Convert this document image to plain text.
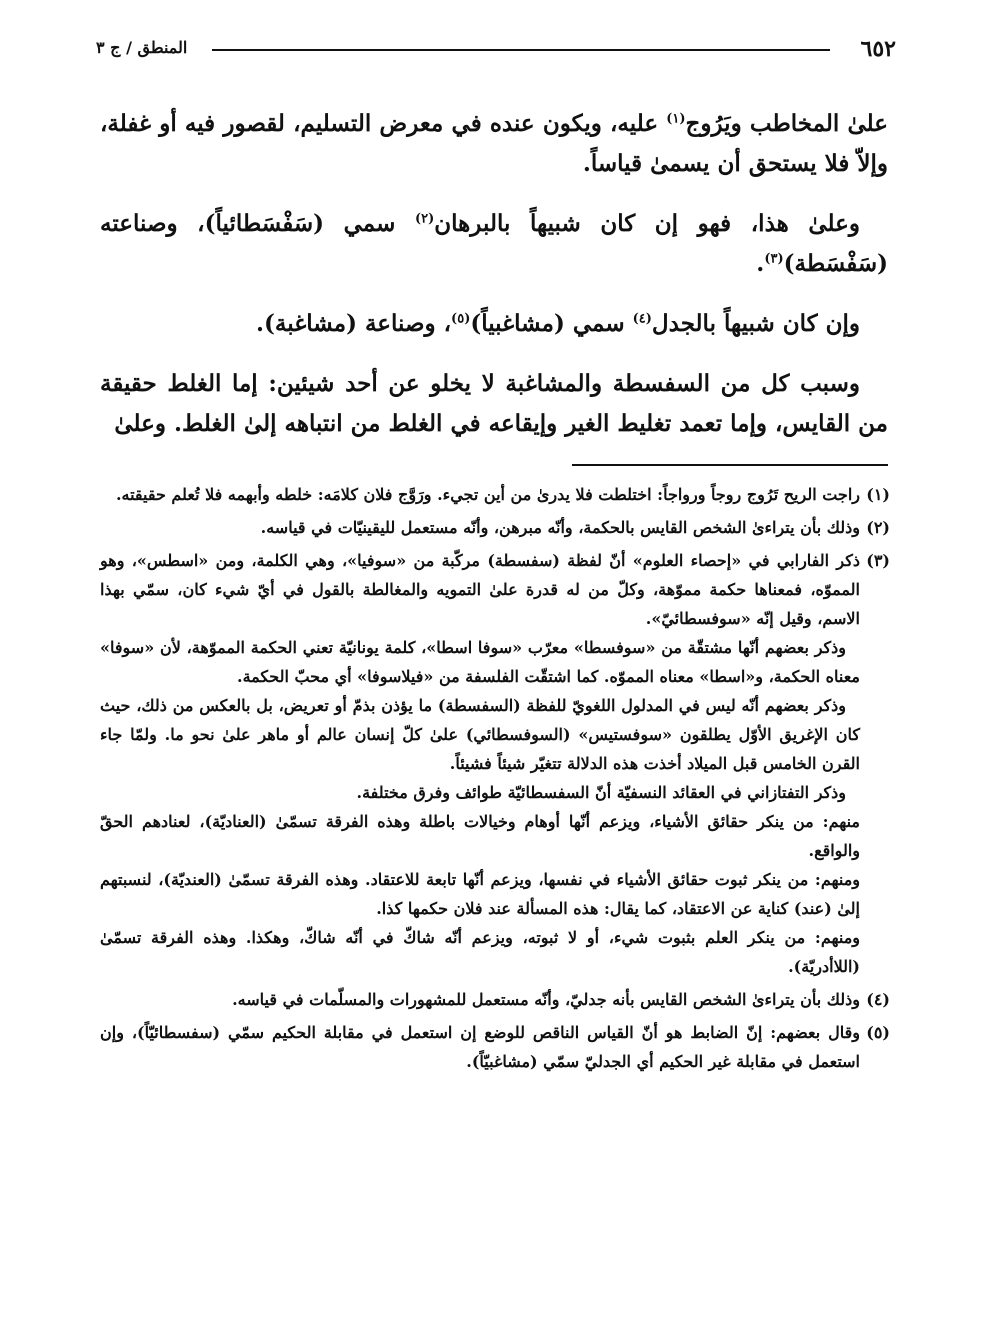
٦٥٢
المنطق / ج ٣

علىٰ المخاطب ويَرُوج$^{(١)}$ عليه، ويكون عنده في معرض التسليم، لقصور فيه أو غفلة، وإلاّ فلا يستحق أن يسمىٰ قياساً.

وعلىٰ هذا، فهو إن كان شبيهاً بالبرهان$^{(٢)}$ سمي (سَفْسَطائياً)، وصناعته (سَفْسَطة)$^{(٣)}$.

وإن كان شبيهاً بالجدل$^{(٤)}$ سمي (مشاغبياً)$^{(٥)}$، وصناعة (مشاغبة).

وسبب كل من السفسطة والمشاغبة لا يخلو عن أحد شيئين: إما الغلط حقيقة من القايس، وإما تعمد تغليط الغير وإيقاعه في الغلط من انتباهه إلىٰ الغلط. وعلىٰ

(١)

راجت الريح تَرُوج روجاً ورواجاً: اختلطت فلا يدرىٰ من أين تجيء. ورَوَّج فلان كلامَه: خلطه وأبهمه فلا تُعلم حقيقته.

(٢)

وذلك بأن يتراءىٰ الشخص القايس بالحكمة، وأنّه مبرهن، وأنّه مستعمل لليقينيّات في قياسه.

(٣)

ذكر الفارابي في «إحصاء العلوم» أنّ لفظة (سفسطة) مركّبة من «سوفيا»، وهي الكلمة، ومن «اسطس»، وهو المموّه، فمعناها حكمة مموّهة، وكلّ من له قدرة علىٰ التمويه والمغالطة بالقول في أيّ شيء كان، سمّي بهذا الاسم، وقيل إنّه «سوفسطائيّ».

وذكر بعضهم أنّها مشتقّة من «سوفسطا» معرّب «سوفا اسطا»، كلمة يونانيّة تعني الحكمة المموّهة، لأن «سوفا» معناه الحكمة، و«اسطا» معناه المموّه. كما اشتقّت الفلسفة من «فيلاسوفا» أي محبّ الحكمة.

وذكر بعضهم أنّه ليس في المدلول اللغويّ للفظة (السفسطة) ما يؤذن بذمّ أو تعريض، بل بالعكس من ذلك، حيث كان الإغريق الأوّل يطلقون «سوفستيس» (السوفسطائي) علىٰ كلّ إنسان عالم أو ماهر علىٰ نحو ما. ولمّا جاء القرن الخامس قبل الميلاد أخذت هذه الدلالة تتغيّر شيئاً فشيئاً.

وذكر التفتازاني في العقائد النسفيّة أنّ السفسطائيّة طوائف وفرق مختلفة.

منهم: من ينكر حقائق الأشياء، ويزعم أنّها أوهام وخيالات باطلة وهذه الفرقة تسمّىٰ (العناديّة)، لعنادهم الحقّ والواقع.

ومنهم: من ينكر ثبوت حقائق الأشياء في نفسها، ويزعم أنّها تابعة للاعتقاد. وهذه الفرقة تسمّىٰ (العنديّة)، لنسبتهم إلىٰ (عند) كناية عن الاعتقاد، كما يقال: هذه المسألة عند فلان حكمها كذا.

ومنهم: من ينكر العلم بثبوت شيء، أو لا ثبوته، ويزعم أنّه شاكّ في أنّه شاكّ، وهكذا. وهذه الفرقة تسمّىٰ (اللاأدريّة).

(٤)

وذلك بأن يتراءىٰ الشخص القايس بأنه جدليّ، وأنّه مستعمل للمشهورات والمسلّمات في قياسه.

(٥)

وقال بعضهم: إنّ الضابط هو أنّ القياس الناقص للوضع إن استعمل في مقابلة الحكيم سمّي (سفسطائيّاً)، وإن استعمل في مقابلة غير الحكيم أي الجدليّ سمّي (مشاغبيّاً).
